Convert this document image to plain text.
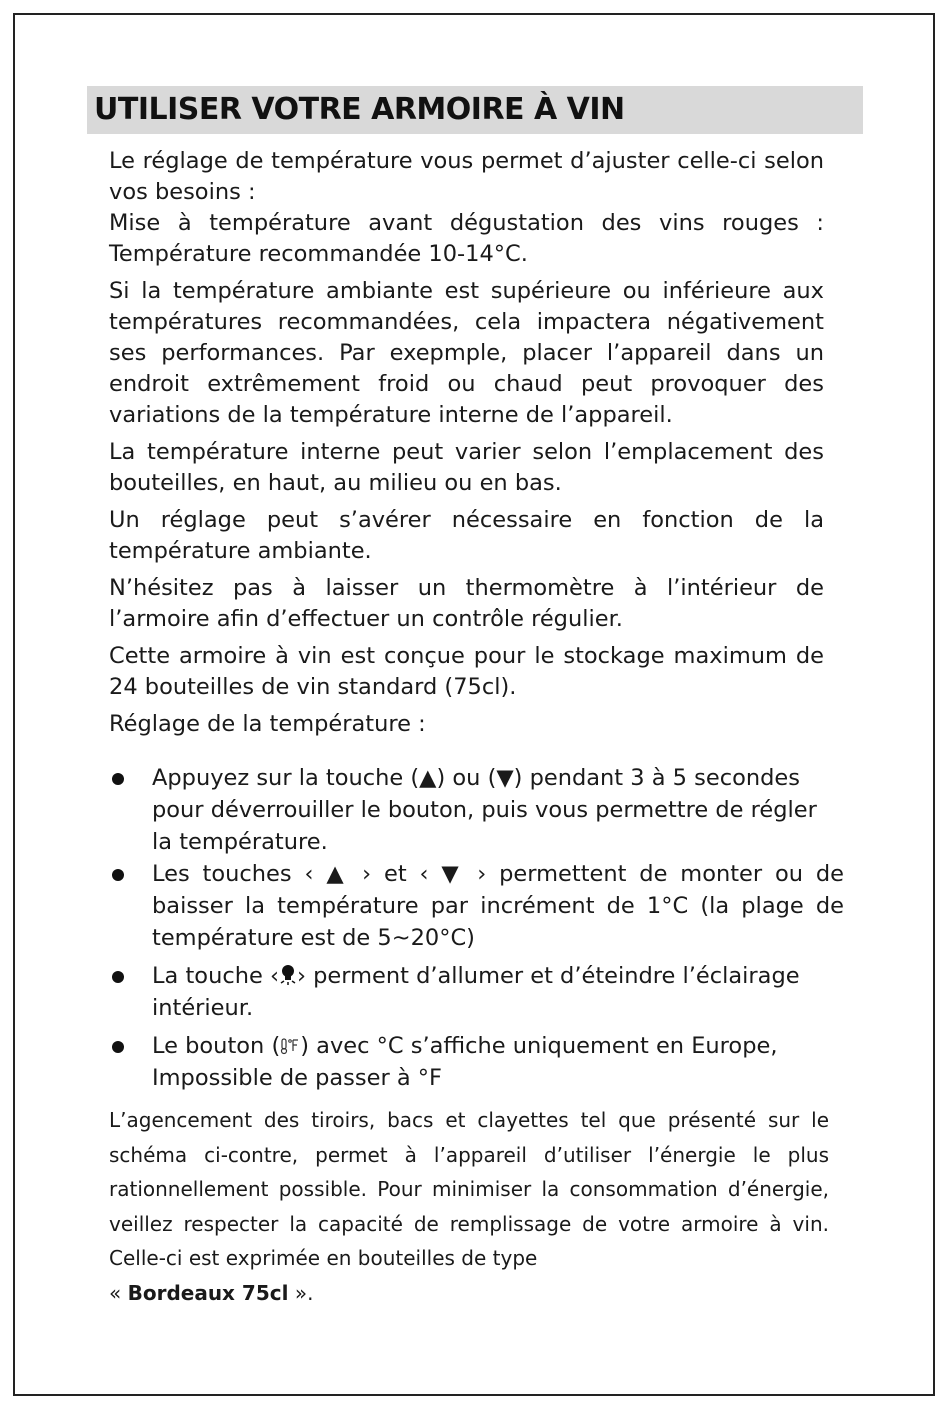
UTILISER VOTRE ARMOIRE À VIN

Le réglage de température vous permet d’ajuster celle-ci selon vos besoins :

Mise à température avant dégustation des vins rouges : Température recommandée 10-14°C.

Si la température ambiante est supérieure ou inférieure aux températures recommandées, cela impactera négativement ses performances. Par exepmple, placer l’appareil dans un endroit extrêmement froid ou chaud peut provoquer des variations de la température interne de l’appareil.

La température interne peut varier selon l’emplacement des bouteilles, en haut, au milieu ou en bas.

Un réglage peut s’avérer nécessaire en fonction de la température ambiante.

N’hésitez pas à laisser un thermomètre à l’intérieur de l’armoire afin d’effectuer un contrôle régulier.

Cette armoire à vin est conçue pour le stockage maximum de 24 bouteilles de vin standard (75cl).

Réglage de la température :

Appuyez sur la touche (▲) ou (▼) pendant 3 à 5 secondes pour déverrouiller le bouton, puis vous permettre de régler la température.

Les touches ‹ ▲ › et ‹ ▼ › permettent de monter ou de baisser la température par incrément de 1°C (la plage de température est de 5~20°C)

La touche ‹ › perment d’allumer et d’éteindre l’éclairage intérieur.

Le bouton ( ) avec °C s’affiche uniquement en Europe, Impossible de passer à °F

L’agencement des tiroirs, bacs et clayettes tel que présenté sur le schéma ci-contre, permet à l’appareil d’utiliser l’énergie le plus rationnellement possible. Pour minimiser la consommation d’énergie, veillez respecter la capacité de remplissage de votre armoire à vin. Celle-ci est exprimée en bouteilles de type
« Bordeaux 75cl ».
